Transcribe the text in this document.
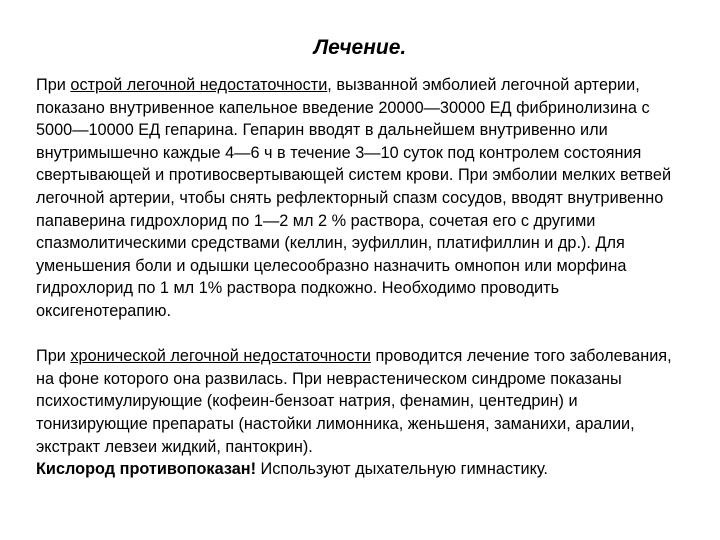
Лечение.

При острой легочной недостаточности, вызванной эмболией легочной артерии, показано внутривенное капельное введение 20000—30000 ЕД фибринолизина с 5000—10000 ЕД гепарина. Гепарин вводят в дальнейшем внутривенно или внутримышечно каждые 4—6 ч в течение 3—10 суток под контролем состояния свертывающей и противосвертывающей систем крови. При эмболии мелких ветвей легочной артерии, чтобы снять рефлекторный спазм сосудов, вводят внутривенно папаверина гидрохлорид по 1—2 мл 2 % раствора, сочетая его с другими спазмолитическими средствами (келлин, эуфиллин, платифиллин и др.). Для уменьшения боли и одышки целесообразно назначить омнопон или морфина гидрохлорид по 1 мл 1% раствора подкожно. Необходимо проводить оксигенотерапию.

При хронической легочной недостаточности проводится лечение того заболевания, на фоне которого она развилась. При неврастеническом синдроме показаны психостимулирующие (кофеин-бензоат натрия, фенамин, центедрин) и тонизирующие препараты (настойки лимонника, женьшеня, заманихи, аралии, экстракт левзеи жидкий, пантокрин).
Кислород противопоказан! Используют дыхательную гимнастику.
